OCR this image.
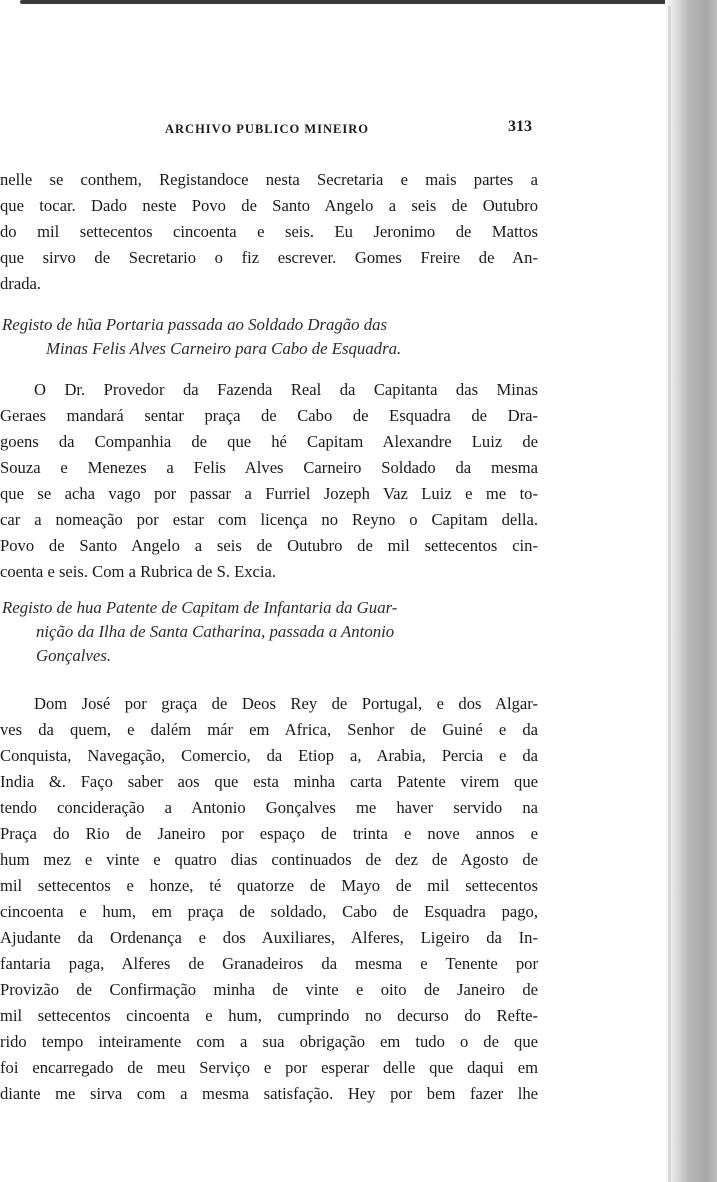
ARCHIVO PUBLICO MINEIRO	313
nelle se conthem, Registandoce nesta Secretaria e mais partes a
que tocar. Dado neste Povo de Santo Angelo a seis de Outubro
do mil settecentos cincoenta e seis. Eu Jeronimo de Mattos
que sirvo de Secretario o fiz escrever. Gomes Freire de An-
drada.
Registo de hũa Portaria passada ao Soldado Dragão das
Minas Felis Alves Carneiro para Cabo de Esquadra.
O Dr. Provedor da Fazenda Real da Capitanta das Minas
Geraes mandará sentar praça de Cabo de Esquadra de Dra-
goens da Companhia de que hé Capitam Alexandre Luiz de
Souza e Menezes a Felis Alves Carneiro Soldado da mesma
que se acha vago por passar a Furriel Jozeph Vaz Luiz e me to-
car a nomeação por estar com licença no Reyno o Capitam della.
Povo de Santo Angelo a seis de Outubro de mil settecentos cin-
coenta e seis. Com a Rubrica de S. Excia.
Registo de hua Patente de Capitam de Infantaria da Guar-
nição da Ilha de Santa Catharina, passada a Antonio
Gonçalves.
Dom José por graça de Deos Rey de Portugal, e dos Algar-
ves da quem, e dalém már em Africa, Senhor de Guiné e da
Conquista, Navegação, Comercio, da Etiop a, Arabia, Percia e da
India &. Faço saber aos que esta minha carta Patente virem que
tendo concideração a Antonio Gonçalves me haver servido na
Praça do Rio de Janeiro por espaço de trinta e nove annos e
hum mez e vinte e quatro dias continuados de dez de Agosto de
mil settecentos e honze, té quatorze de Mayo de mil settecentos
cincoenta e hum, em praça de soldado, Cabo de Esquadra pago,
Ajudante da Ordenança e dos Auxiliares, Alferes, Ligeiro da In-
fantaria paga, Alferes de Granadeiros da mesma e Tenente por
Provizão de Confirmação minha de vinte e oito de Janeiro de
mil settecentos cincoenta e hum, cumprindo no decurso do Refte-
rido tempo inteiramente com a sua obrigação em tudo o de que
foi encarregado de meu Serviço e por esperar delle que daqui em
diante me sirva com a mesma satisfação. Hey por bem fazer lhe
